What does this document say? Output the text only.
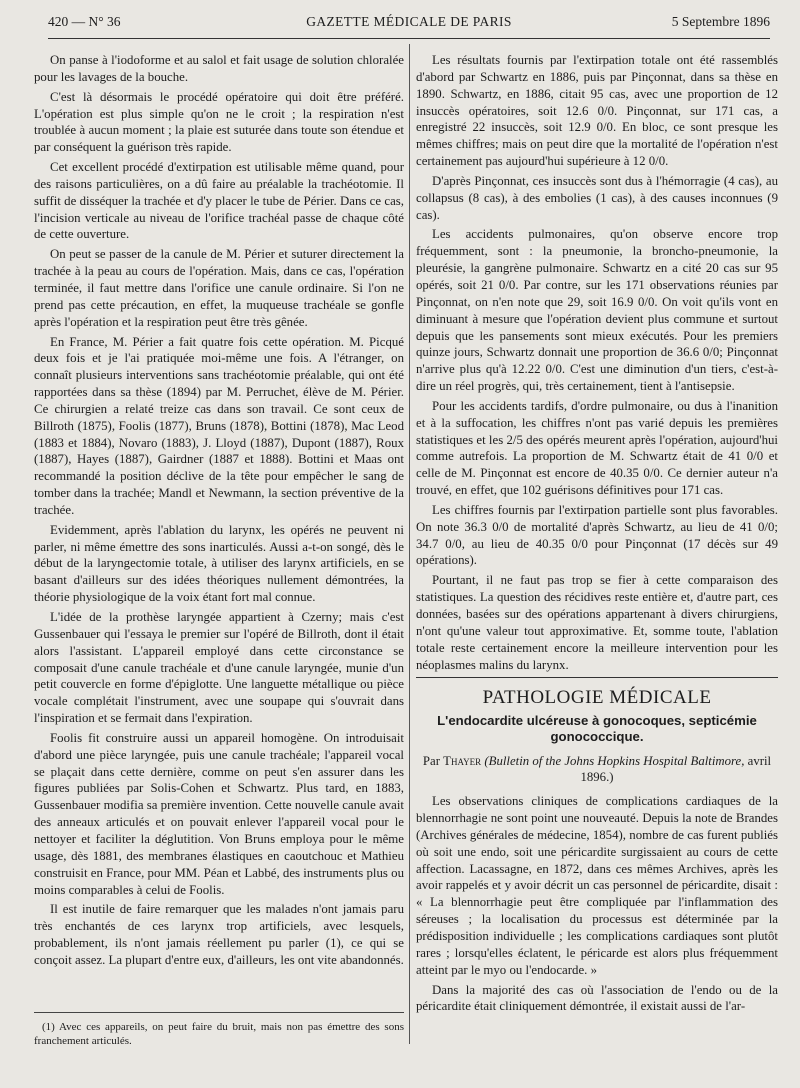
420 — N° 36	GAZETTE MÉDICALE DE PARIS	5 Septembre 1896

On panse à l'iodoforme et au salol et fait usage de solution chloralée pour les lavages de la bouche.

C'est là désormais le procédé opératoire qui doit être préféré. L'opération est plus simple qu'on ne le croit ; la respiration n'est troublée à aucun moment ; la plaie est suturée dans toute son étendue et par conséquent la guérison très rapide.

Cet excellent procédé d'extirpation est utilisable même quand, pour des raisons particulières, on a dû faire au préalable la trachéotomie. Il suffit de disséquer la trachée et d'y placer le tube de Périer. Dans ce cas, l'incision verticale au niveau de l'orifice trachéal passe de chaque côté de cette ouverture.

On peut se passer de la canule de M. Périer et suturer directement la trachée à la peau au cours de l'opération. Mais, dans ce cas, l'opération terminée, il faut mettre dans l'orifice une canule ordinaire. Si l'on ne prend pas cette précaution, en effet, la muqueuse trachéale se gonfle après l'opération et la respiration peut être très gênée.

En France, M. Périer a fait quatre fois cette opération. M. Picqué deux fois et je l'ai pratiquée moi-même une fois. A l'étranger, on connaît plusieurs interventions sans trachéotomie préalable, qui ont été rapportées dans sa thèse (1894) par M. Perruchet, élève de M. Périer. Ce chirurgien a relaté treize cas dans son travail. Ce sont ceux de Billroth (1875), Foolis (1877), Bruns (1878), Bottini (1878), Mac Leod (1883 et 1884), Novaro (1883), J. Lloyd (1887), Dupont (1887), Roux (1887), Hayes (1887), Gairdner (1887 et 1888). Bottini et Maas ont recommandé la position déclive de la tête pour empêcher le sang de tomber dans la trachée; Mandl et Newmann, la section préventive de la trachée.

Evidemment, après l'ablation du larynx, les opérés ne peuvent ni parler, ni même émettre des sons inarticulés. Aussi a-t-on songé, dès le début de la laryngectomie totale, à utiliser des larynx artificiels, en se basant d'ailleurs sur des idées théoriques nullement démontrées, la théorie physiologique de la voix étant fort mal connue.

L'idée de la prothèse laryngée appartient à Czerny; mais c'est Gussenbauer qui l'essaya le premier sur l'opéré de Billroth, dont il était alors l'assistant. L'appareil employé dans cette circonstance se composait d'une canule trachéale et d'une canule laryngée, munie d'un petit couvercle en forme d'épiglotte. Une languette métallique ou pièce vocale complétait l'instrument, avec une soupape qui s'ouvrait dans l'inspiration et se fermait dans l'expiration.

Foolis fit construire aussi un appareil homogène. On introduisait d'abord une pièce laryngée, puis une canule trachéale; l'appareil vocal se plaçait dans cette dernière, comme on peut s'en assurer dans les figures publiées par Solis-Cohen et Schwartz. Plus tard, en 1883, Gussenbauer modifia sa première invention. Cette nouvelle canule avait des anneaux articulés et on pouvait enlever l'appareil vocal pour le nettoyer et faciliter la déglutition. Von Bruns employa pour le même usage, dès 1881, des membranes élastiques en caoutchouc et Mathieu construisit en France, pour MM. Péan et Labbé, des instruments plus ou moins comparables à celui de Foolis.

Il est inutile de faire remarquer que les malades n'ont jamais paru très enchantés de ces larynx trop artificiels, avec lesquels, probablement, ils n'ont jamais réellement pu parler (1), ce qui se conçoit assez. La plupart d'entre eux, d'ailleurs, les ont vite abandonnés.

(1) Avec ces appareils, on peut faire du bruit, mais non pas émettre des sons franchement articulés.

Les résultats fournis par l'extirpation totale ont été rassemblés d'abord par Schwartz en 1886, puis par Pinçonnat, dans sa thèse en 1890. Schwartz, en 1886, citait 95 cas, avec une proportion de 12 insuccès opératoires, soit 12.6 0/0. Pinçonnat, sur 171 cas, a enregistré 22 insuccès, soit 12.9 0/0. En bloc, ce sont presque les mêmes chiffres; mais on peut dire que la mortalité de l'opération n'est certainement pas aujourd'hui supérieure à 12 0/0.

D'après Pinçonnat, ces insuccès sont dus à l'hémorragie (4 cas), au collapsus (8 cas), à des embolies (1 cas), à des causes inconnues (9 cas).

Les accidents pulmonaires, qu'on observe encore trop fréquemment, sont : la pneumonie, la broncho-pneumonie, la pleurésie, la gangrène pulmonaire. Schwartz en a cité 20 cas sur 95 opérés, soit 21 0/0. Par contre, sur les 171 observations réunies par Pinçonnat, on n'en note que 29, soit 16.9 0/0. On voit qu'ils vont en diminuant à mesure que l'opération devient plus commune et surtout depuis que les pansements sont mieux exécutés. Pour les premiers quinze jours, Schwartz donnait une proportion de 36.6 0/0; Pinçonnat n'arrive plus qu'à 12.22 0/0. C'est une diminution d'un tiers, c'est-à-dire un réel progrès, qui, très certainement, tient à l'antisepsie.

Pour les accidents tardifs, d'ordre pulmonaire, ou dus à l'inanition et à la suffocation, les chiffres n'ont pas varié depuis les premières statistiques et les 2/5 des opérés meurent après l'opération, aujourd'hui comme autrefois. La proportion de M. Schwartz était de 41 0/0 et celle de M. Pinçonnat est encore de 40.35 0/0. Ce dernier auteur n'a trouvé, en effet, que 102 guérisons définitives pour 171 cas.

Les chiffres fournis par l'extirpation partielle sont plus favorables. On note 36.3 0/0 de mortalité d'après Schwartz, au lieu de 41 0/0; 34.7 0/0, au lieu de 40.35 0/0 pour Pinçonnat (17 décès sur 49 opérations).

Pourtant, il ne faut pas trop se fier à cette comparaison des statistiques. La question des récidives reste entière et, d'autre part, ces données, basées sur des opérations appartenant à divers chirurgiens, n'ont qu'une valeur tout approximative. Et, somme toute, l'ablation totale reste certainement encore la meilleure intervention pour les néoplasmes malins du larynx.

PATHOLOGIE MÉDICALE
L'endocardite ulcéreuse à gonocoques, septicémie gonococcique.
Par Thayer (Bulletin of the Johns Hopkins Hospital Baltimore, avril 1896.)

Les observations cliniques de complications cardiaques de la blennorrhagie ne sont point une nouveauté. Depuis la note de Brandes (Archives générales de médecine, 1854), nombre de cas furent publiés où soit une endo, soit une péricardite surgissaient au cours de cette affection. Lacassagne, en 1872, dans ces mêmes Archives, après les avoir rappelés et y avoir décrit un cas personnel de péricardite, disait : « La blennorrhagie peut être compliquée par l'inflammation des séreuses ; la localisation du processus est déterminée par la prédisposition individuelle ; les complications cardiaques sont plutôt rares ; lorsqu'elles éclatent, le péricarde est alors plus fréquemment atteint par le myo ou l'endocarde. »

Dans la majorité des cas où l'association de l'endo ou de la péricardite était cliniquement démontrée, il existait aussi de l'ar-
